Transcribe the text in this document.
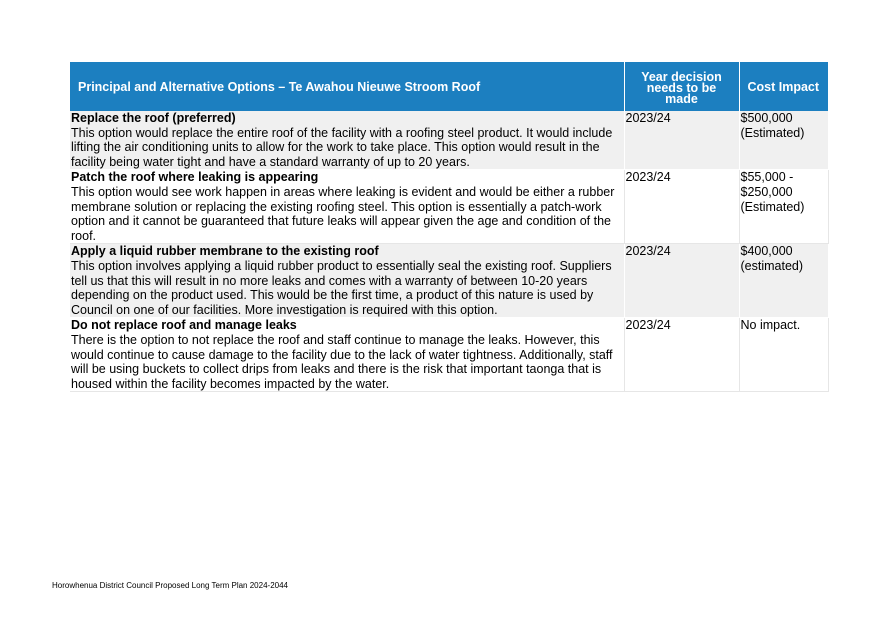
Principal and Alternative Options – Te Awahou Nieuwe Stroom Roof	Year decision needs to be made	Cost Impact

Replace the roof (preferred)
This option would replace the entire roof of the facility with a roofing steel product. It would include lifting the air conditioning units to allow for the work to take place. This option would result in the facility being water tight and have a standard warranty of up to 20 years.	2023/24	$500,000 (Estimated)

Patch the roof where leaking is appearing
This option would see work happen in areas where leaking is evident and would be either a rubber membrane solution or replacing the existing roofing steel. This option is essentially a patch-work option and it cannot be guaranteed that future leaks will appear given the age and condition of the roof.	2023/24	$55,000 - $250,000 (Estimated)

Apply a liquid rubber membrane to the existing roof
This option involves applying a liquid rubber product to essentially seal the existing roof. Suppliers tell us that this will result in no more leaks and comes with a warranty of between 10-20 years depending on the product used. This would be the first time, a product of this nature is used by Council on one of our facilities. More investigation is required with this option.	2023/24	$400,000 (estimated)

Do not replace roof and manage leaks
There is the option to not replace the roof and staff continue to manage the leaks. However, this would continue to cause damage to the facility due to the lack of water tightness. Additionally, staff will be using buckets to collect drips from leaks and there is the risk that important taonga that is housed within the facility becomes impacted by the water.	2023/24	No impact.
Horowhenua District Council Proposed Long Term Plan 2024-2044
